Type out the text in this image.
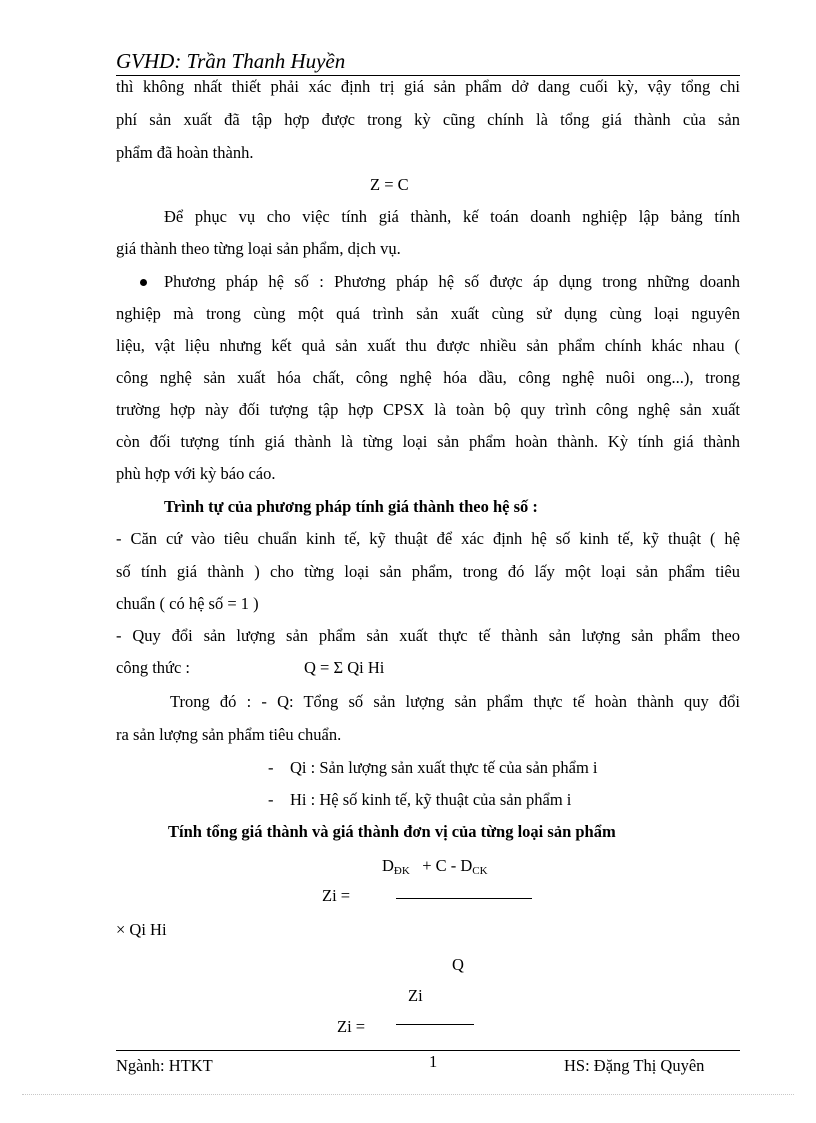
GVHD: Trần Thanh Huyền
thì không nhất thiết phải xác định trị giá sản phẩm dở dang cuối kỳ, vậy tổng chi
phí sản xuất đã tập hợp được trong kỳ cũng chính là tổng giá thành của sản
phẩm đã hoàn thành.
Z = C
Để phục vụ cho việc tính giá thành, kế toán doanh nghiệp lập bảng tính
giá thành theo từng loại sản phẩm, dịch vụ.
Phương pháp hệ số : Phương pháp hệ số được áp dụng trong những doanh
nghiệp mà trong cùng một quá trình sản xuất cùng sử dụng cùng loại nguyên
liệu, vật liệu nhưng kết quả sản xuất thu được nhiều sản phẩm chính khác nhau (
công nghệ sản xuất hóa chất, công nghệ hóa dầu, công nghệ nuôi ong...), trong
trường hợp này đối tượng tập hợp CPSX là toàn bộ quy trình công nghệ sản xuất
còn đối tượng tính giá thành là từng loại sản phẩm hoàn thành. Kỳ tính giá thành
phù hợp với kỳ báo cáo.
Trình tự của phương pháp tính giá thành theo hệ số :
- Căn cứ vào tiêu chuẩn kinh tế, kỹ thuật để xác định hệ số kinh tế, kỹ thuật ( hệ
số tính giá thành ) cho từng loại sản phẩm, trong đó lấy một loại sản phẩm tiêu
chuẩn ( có hệ số = 1 )
- Quy đổi sản lượng sản phẩm sản xuất thực tế thành sản lượng sản phẩm theo
công thức :	Q = Σ Qi Hi
Trong đó : - Q: Tổng số sản lượng sản phẩm thực tế hoàn thành quy đổi
ra sản lượng sản phẩm tiêu chuẩn.
- Qi : Sản lượng sản xuất thực tế của sản phẩm i
- Hi : Hệ số kinh tế, kỹ thuật của sản phẩm i
Tính tổng giá thành và giá thành đơn vị của từng loại sản phẩm
$D_{ĐK} + C - D_{CK}$
Zi =
× Qi Hi
Q
Zi
Zi =
Ngành: HTKT	1	HS: Đặng Thị Quyên
